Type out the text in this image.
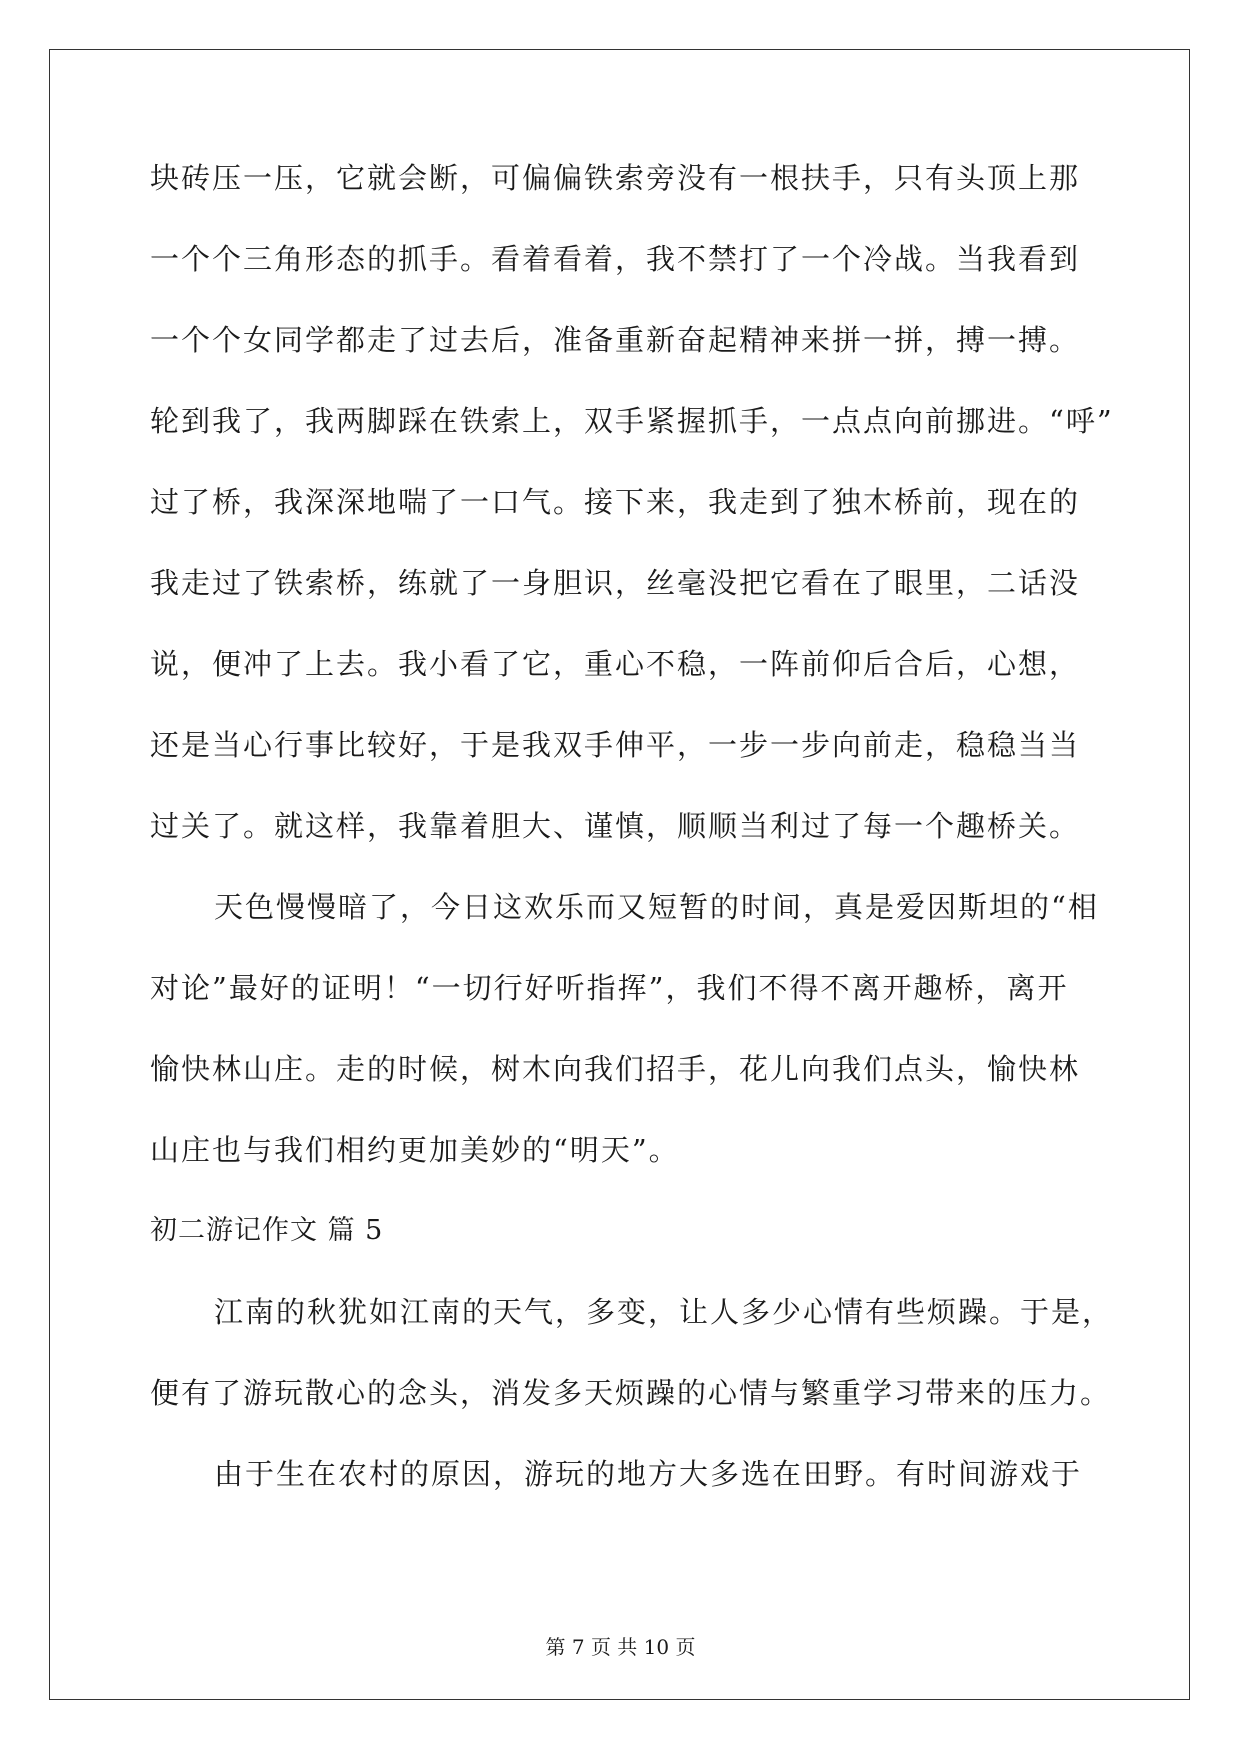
块砖压一压，它就会断，可偏偏铁索旁没有一根扶手，只有头顶上那
一个个三角形态的抓手。看着看着，我不禁打了一个冷战。当我看到
一个个女同学都走了过去后，准备重新奋起精神来拼一拼，搏一搏。
轮到我了，我两脚踩在铁索上，双手紧握抓手，一点点向前挪进。“呼”
过了桥，我深深地喘了一口气。接下来，我走到了独木桥前，现在的
我走过了铁索桥，练就了一身胆识，丝毫没把它看在了眼里，二话没
说，便冲了上去。我小看了它，重心不稳，一阵前仰后合后，心想，
还是当心行事比较好，于是我双手伸平，一步一步向前走，稳稳当当
过关了。就这样，我靠着胆大、谨慎，顺顺当利过了每一个趣桥关。
天色慢慢暗了，今日这欢乐而又短暂的时间，真是爱因斯坦的“相
对论”最好的证明！“一切行好听指挥”，我们不得不离开趣桥，离开
愉快林山庄。走的时候，树木向我们招手，花儿向我们点头，愉快林
山庄也与我们相约更加美妙的“明天”。
初二游记作文 篇 5
江南的秋犹如江南的天气，多变，让人多少心情有些烦躁。于是，
便有了游玩散心的念头，消发多天烦躁的心情与繁重学习带来的压力。
由于生在农村的原因，游玩的地方大多选在田野。有时间游戏于
第 7 页 共 10 页
